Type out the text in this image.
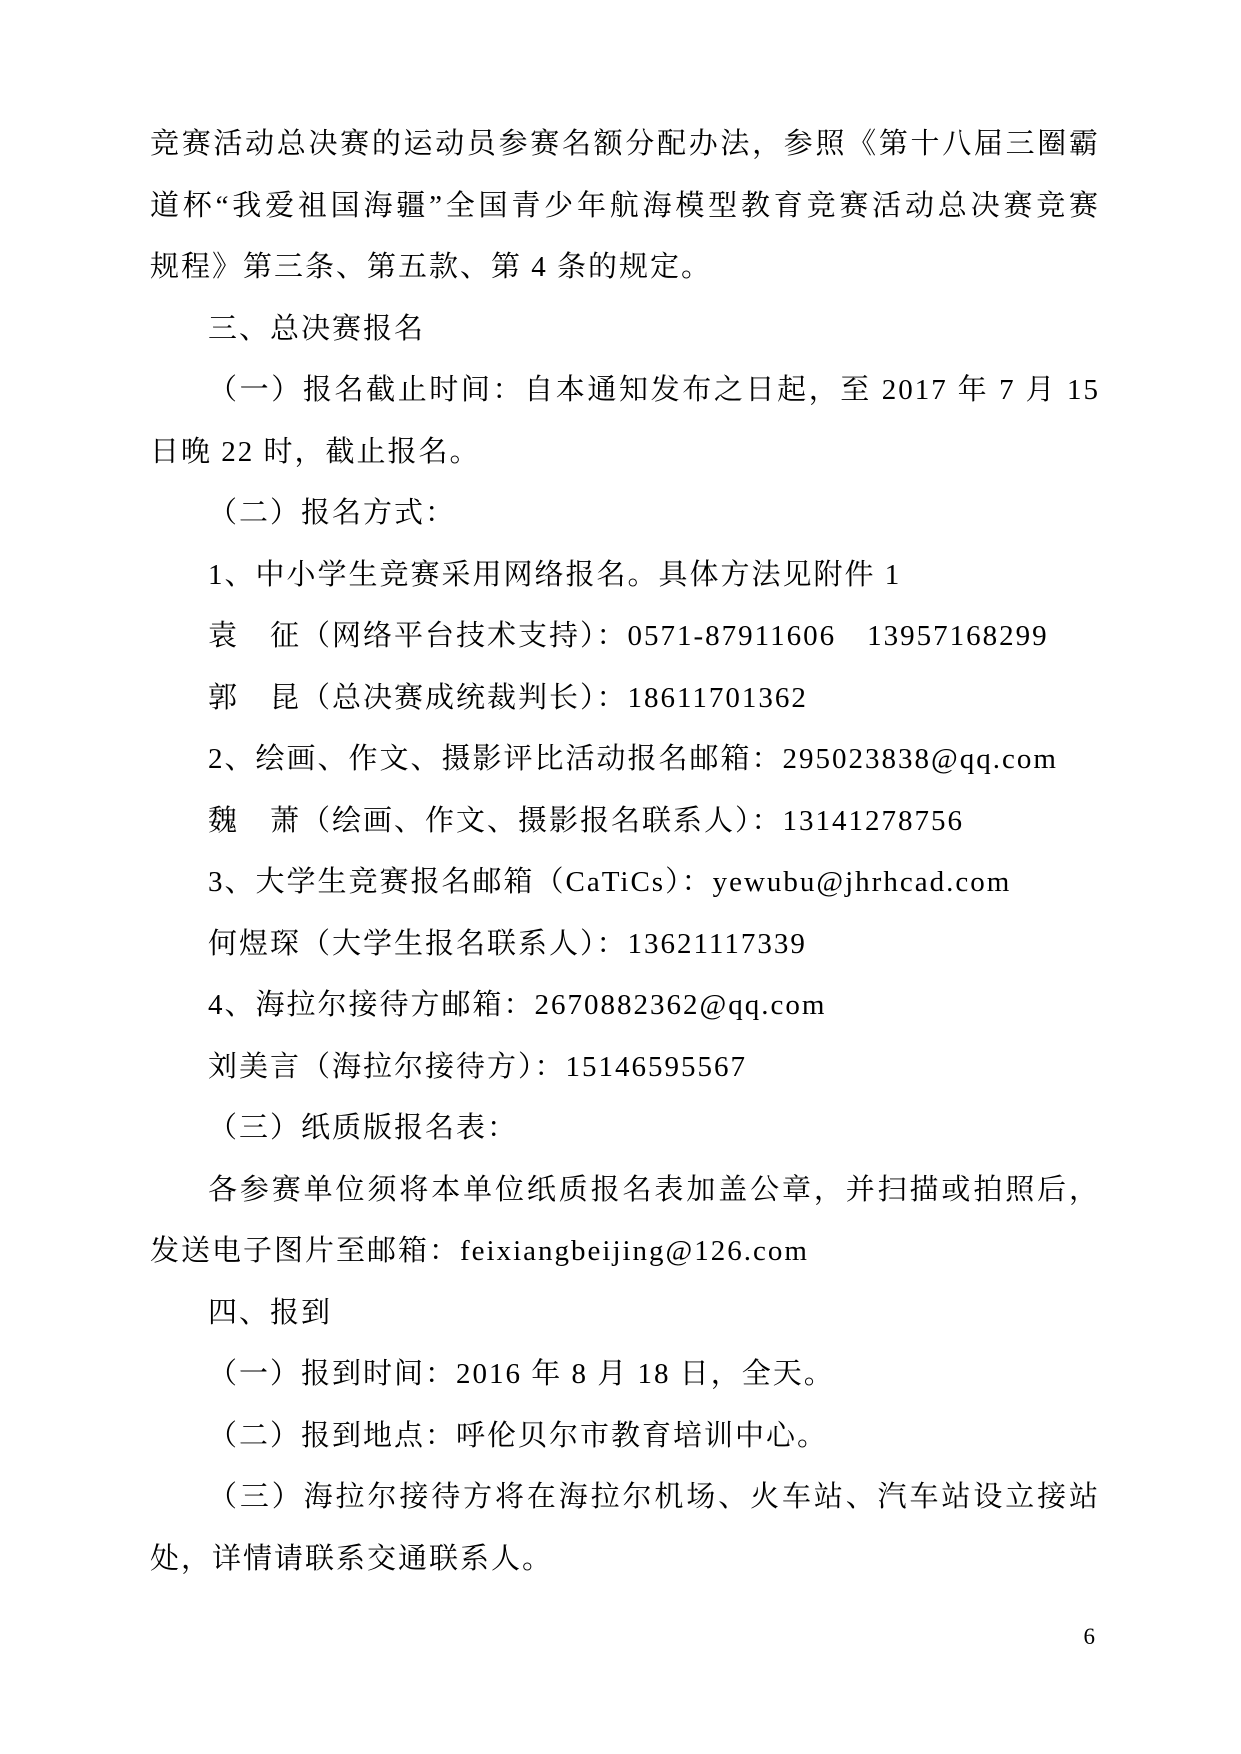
竞赛活动总决赛的运动员参赛名额分配办法，参照《第十八届三圈霸
道杯“我爱祖国海疆”全国青少年航海模型教育竞赛活动总决赛竞赛
规程》第三条、第五款、第 4 条的规定。
三、总决赛报名
（一）报名截止时间：自本通知发布之日起，至 2017 年 7 月 15
日晚 22 时，截止报名。
（二）报名方式：
1、中小学生竞赛采用网络报名。具体方法见附件 1
袁　征（网络平台技术支持）：0571-87911606　13957168299
郭　昆（总决赛成统裁判长）：18611701362
2、绘画、作文、摄影评比活动报名邮箱：295023838@qq.com
魏　萧（绘画、作文、摄影报名联系人）：13141278756
3、大学生竞赛报名邮箱（CaTiCs）：yewubu@jhrhcad.com
何煜琛（大学生报名联系人）：13621117339
4、海拉尔接待方邮箱：2670882362@qq.com
刘美言（海拉尔接待方）：15146595567
（三）纸质版报名表：
各参赛单位须将本单位纸质报名表加盖公章，并扫描或拍照后，
发送电子图片至邮箱：feixiangbeijing@126.com
四、报到
（一）报到时间：2016 年 8 月 18 日，全天。
（二）报到地点：呼伦贝尔市教育培训中心。
（三）海拉尔接待方将在海拉尔机场、火车站、汽车站设立接站
处，详情请联系交通联系人。
6
